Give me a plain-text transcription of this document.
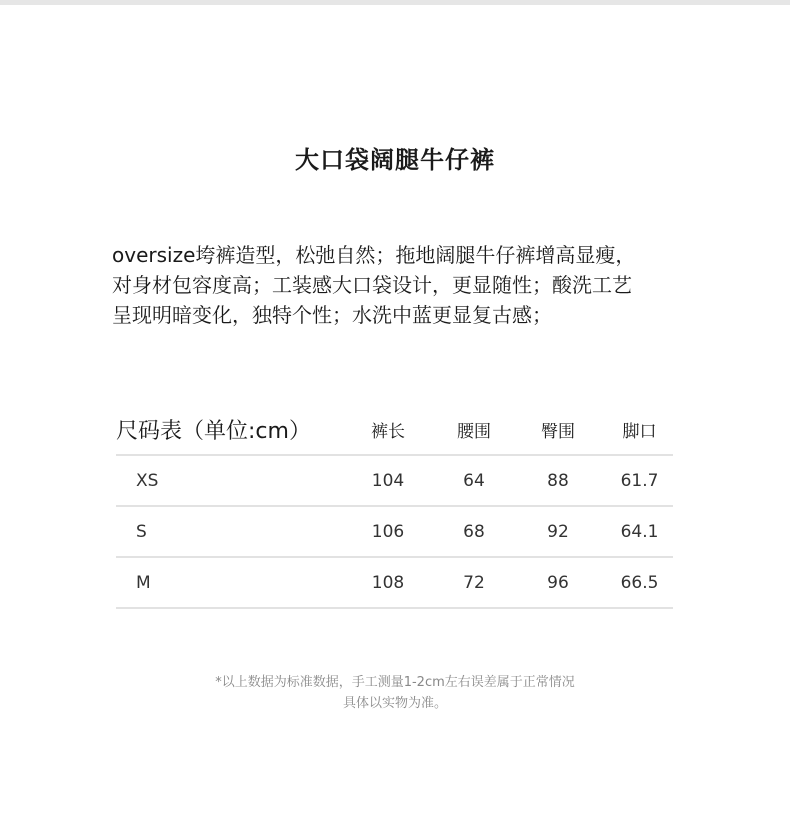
大口袋阔腿牛仔裤
oversize垮裤造型，松弛自然；拖地阔腿牛仔裤增高显瘦，
对身材包容度高；工装感大口袋设计，更显随性；酸洗工艺
呈现明暗变化，独特个性；水洗中蓝更显复古感；
尺码表（单位:cm）	裤长	腰围	臀围	脚口
XS	104	64	88	61.7
S	106	68	92	64.1
M	108	72	96	66.5
*以上数据为标准数据，手工测量1-2cm左右误差属于正常情况
具体以实物为准。
